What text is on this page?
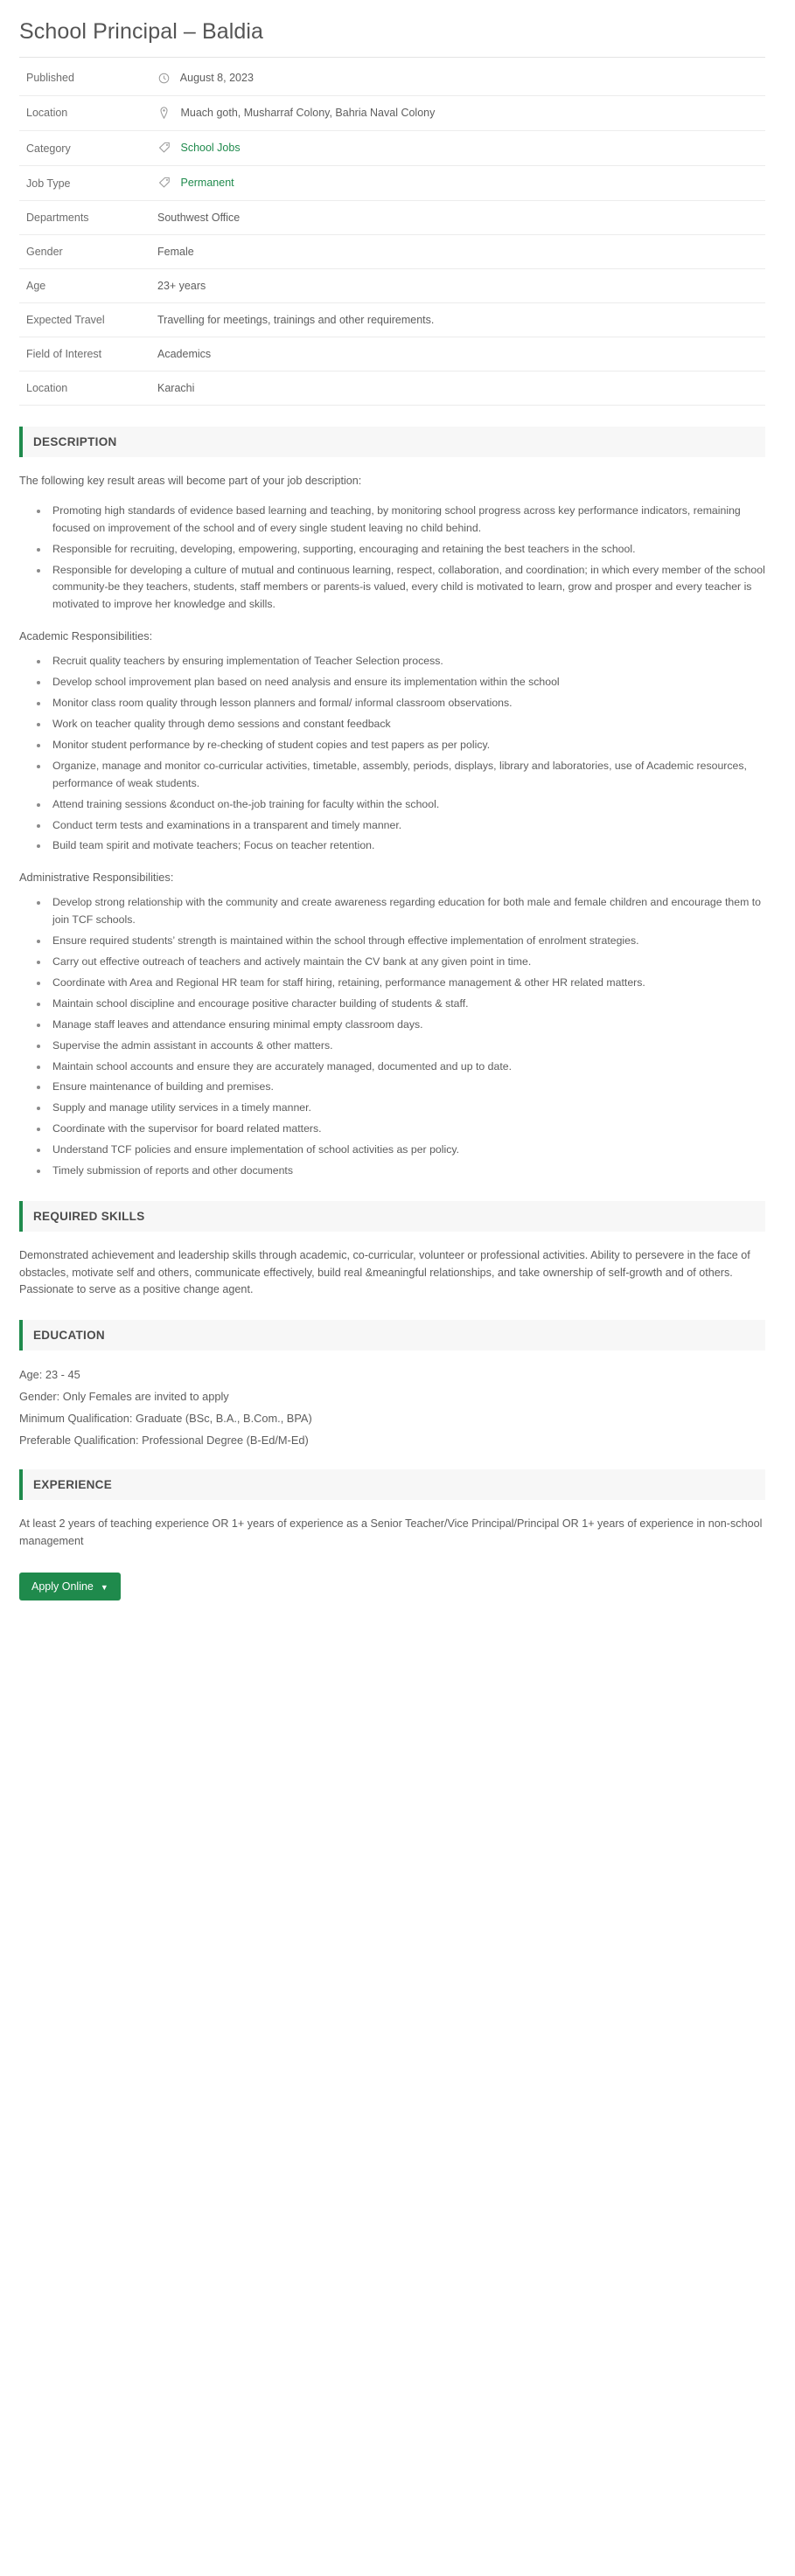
School Principal – Baldia
Published	August 8, 2023
Location	Muach goth, Musharraf Colony, Bahria Naval Colony
Category	School Jobs
Job Type	Permanent
Departments	Southwest Office
Gender	Female
Age	23+ years
Expected Travel	Travelling for meetings, trainings and other requirements.
Field of Interest	Academics
Location	Karachi
DESCRIPTION

The following key result areas will become part of your job description:

• Promoting high standards of evidence based learning and teaching, by monitoring school progress across key performance indicators, remaining focused on improvement of the school and of every single student leaving no child behind.
• Responsible for recruiting, developing, empowering, supporting, encouraging and retaining the best teachers in the school.
• Responsible for developing a culture of mutual and continuous learning, respect, collaboration, and coordination; in which every member of the school community-be they teachers, students, staff members or parents-is valued, every child is motivated to learn, grow and prosper and every teacher is motivated to improve her knowledge and skills.

Academic Responsibilities:

• Recruit quality teachers by ensuring implementation of Teacher Selection process.
• Develop school improvement plan based on need analysis and ensure its implementation within the school
• Monitor class room quality through lesson planners and formal/ informal classroom observations.
• Work on teacher quality through demo sessions and constant feedback
• Monitor student performance by re-checking of student copies and test papers as per policy.
• Organize, manage and monitor co-curricular activities, timetable, assembly, periods, displays, library and laboratories, use of Academic resources, performance of weak students.
• Attend training sessions &conduct on-the-job training for faculty within the school.
• Conduct term tests and examinations in a transparent and timely manner.
• Build team spirit and motivate teachers; Focus on teacher retention.

Administrative Responsibilities:

• Develop strong relationship with the community and create awareness regarding education for both male and female children and encourage them to join TCF schools.
• Ensure required students’ strength is maintained within the school through effective implementation of enrolment strategies.
• Carry out effective outreach of teachers and actively maintain the CV bank at any given point in time.
• Coordinate with Area and Regional HR team for staff hiring, retaining, performance management & other HR related matters.
• Maintain school discipline and encourage positive character building of students & staff.
• Manage staff leaves and attendance ensuring minimal empty classroom days.
• Supervise the admin assistant in accounts & other matters.
• Maintain school accounts and ensure they are accurately managed, documented and up to date.
• Ensure maintenance of building and premises.
• Supply and manage utility services in a timely manner.
• Coordinate with the supervisor for board related matters.
• Understand TCF policies and ensure implementation of school activities as per policy.
• Timely submission of reports and other documents
REQUIRED SKILLS

Demonstrated achievement and leadership skills through academic, co-curricular, volunteer or professional activities. Ability to persevere in the face of obstacles, motivate self and others, communicate effectively, build real &meaningful relationships, and take ownership of self-growth and of others. Passionate to serve as a positive change agent.

EDUCATION

Age: 23 - 45

Gender: Only Females are invited to apply

Minimum Qualification: Graduate (BSc, B.A., B.Com., BPA)

Preferable Qualification: Professional Degree (B-Ed/M-Ed)

EXPERIENCE

At least 2 years of teaching experience OR 1+ years of experience as a Senior Teacher/Vice Principal/Principal OR 1+ years of experience in non-school management

Apply Online ▼
